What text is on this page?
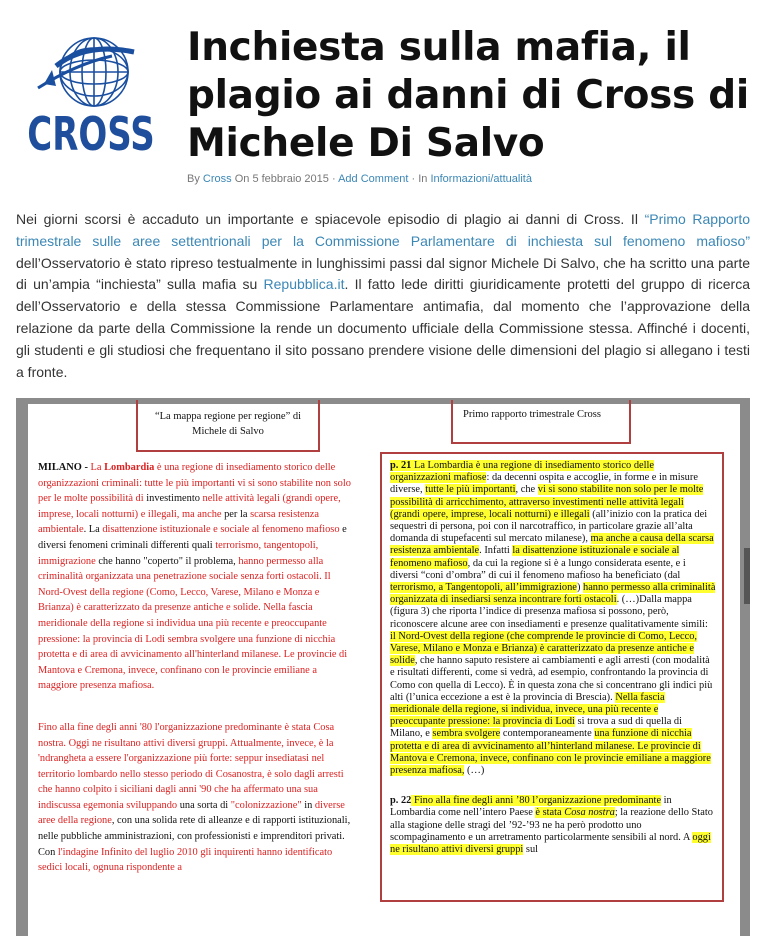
CROSS
Inchiesta sulla mafia, il plagio ai danni di Cross di Michele Di Salvo
By Cross On 5 febbraio 2015 · Add Comment · In Informazioni/attualità

Nei giorni scorsi è accaduto un importante e spiacevole episodio di plagio ai danni di Cross. Il “Primo Rapporto trimestrale sulle aree settentrionali per la Commissione Parlamentare di inchiesta sul fenomeno mafioso” dell’Osservatorio è stato ripreso testualmente in lunghissimi passi dal signor Michele Di Salvo, che ha scritto una parte di un’ampia “inchiesta” sulla mafia su Repubblica.it. Il fatto lede diritti giuridicamente protetti del gruppo di ricerca dell’Osservatorio e della stessa Commissione Parlamentare antimafia, dal momento che l’approvazione della relazione da parte della Commissione la rende un documento ufficiale della Commissione stessa. Affinché i docenti, gli studenti e gli studiosi che frequentano il sito possano prendere visione delle dimensioni del plagio si allegano i testi a fronte.

“La mappa regione per regione” di Michele di Salvo
Primo rapporto trimestrale Cross

MILANO - La Lombardia è una regione di insediamento storico delle organizzazioni criminali: tutte le più importanti vi si sono stabilite non solo per le molte possibilità di investimento nelle attività legali (grandi opere, imprese, locali notturni) e illegali, ma anche per la scarsa resistenza ambientale. La disattenzione istituzionale e sociale al fenomeno mafioso e diversi fenomeni criminali differenti quali terrorismo, tangentopoli, immigrazione che hanno "coperto" il problema, hanno permesso alla criminalità organizzata una penetrazione sociale senza forti ostacoli. Il Nord-Ovest della regione (Como, Lecco, Varese, Milano e Monza e Brianza) è caratterizzato da presenze antiche e solide. Nella fascia meridionale della regione si individua una più recente e preoccupante pressione: la provincia di Lodi sembra svolgere una funzione di nicchia protetta e di area di avvicinamento all'hinterland milanese. Le provincie di Mantova e Cremona, invece, confinano con le provincie emiliane a maggiore presenza mafiosa.

Fino alla fine degli anni '80 l'organizzazione predominante è stata Cosa nostra. Oggi ne risultano attivi diversi gruppi. Attualmente, invece, è la 'ndrangheta a essere l'organizzazione più forte: seppur insediatasi nel territorio lombardo nello stesso periodo di Cosanostra, è solo dagli arresti che hanno colpito i siciliani dagli anni '90 che ha affermato una sua indiscussa egemonia sviluppando una sorta di "colonizzazione" in diverse aree della regione, con una solida rete di alleanze e di rapporti istituzionali, nelle pubbliche amministrazioni, con professionisti e imprenditori privati. Con l'indagine Infinito del luglio 2010 gli inquirenti hanno identificato sedici locali, ognuna rispondente a

p. 21 La Lombardia è una regione di insediamento storico delle organizzazioni mafiose: da decenni ospita e accoglie, in forme e in misure diverse, tutte le più importanti, che vi si sono stabilite non solo per le molte possibilità di arricchimento, attraverso investimenti nelle attività legali (grandi opere, imprese, locali notturni) e illegali (all’inizio con la pratica dei sequestri di persona, poi con il narcotraffico, in particolare grazie all’alta domanda di stupefacenti sul mercato milanese), ma anche a causa della scarsa resistenza ambientale. Infatti la disattenzione istituzionale e sociale al fenomeno mafioso, da cui la regione si è a lungo considerata esente, e i diversi “coni d’ombra” di cui il fenomeno mafioso ha beneficiato (dal terrorismo, a Tangentopoli, all’immigrazione) hanno permesso alla criminalità organizzata di insediarsi senza incontrare forti ostacoli. (…)Dalla mappa (figura 3) che riporta l’indice di presenza mafiosa si possono, però, riconoscere alcune aree con insediamenti e presenze qualitativamente simili: il Nord-Ovest della regione (che comprende le provincie di Como, Lecco, Varese, Milano e Monza e Brianza) è caratterizzato da presenze antiche e solide, che hanno saputo resistere ai cambiamenti e agli arresti (con modalità e risultati differenti, come si vedrà, ad esempio, confrontando la provincia di Como con quella di Lecco). È in questa zona che si concentrano gli indici più alti (l’unica eccezione a est è la provincia di Brescia). Nella fascia meridionale della regione, si individua, invece, una più recente e preoccupante pressione: la provincia di Lodi si trova a sud di quella di Milano, e sembra svolgere contemporaneamente una funzione di nicchia protetta e di area di avvicinamento all’hinterland milanese. Le provincie di Mantova e Cremona, invece, confinano con le provincie emiliane a maggiore presenza mafiosa, (…)

p. 22 Fino alla fine degli anni ’80 l’organizzazione predominante in Lombardia come nell’intero Paese è stata Cosa nostra; la reazione dello Stato alla stagione delle stragi del ’92-’93 ne ha però prodotto uno scompaginamento e un arretramento particolarmente sensibili al nord. A oggi ne risultano attivi diversi gruppi sul
